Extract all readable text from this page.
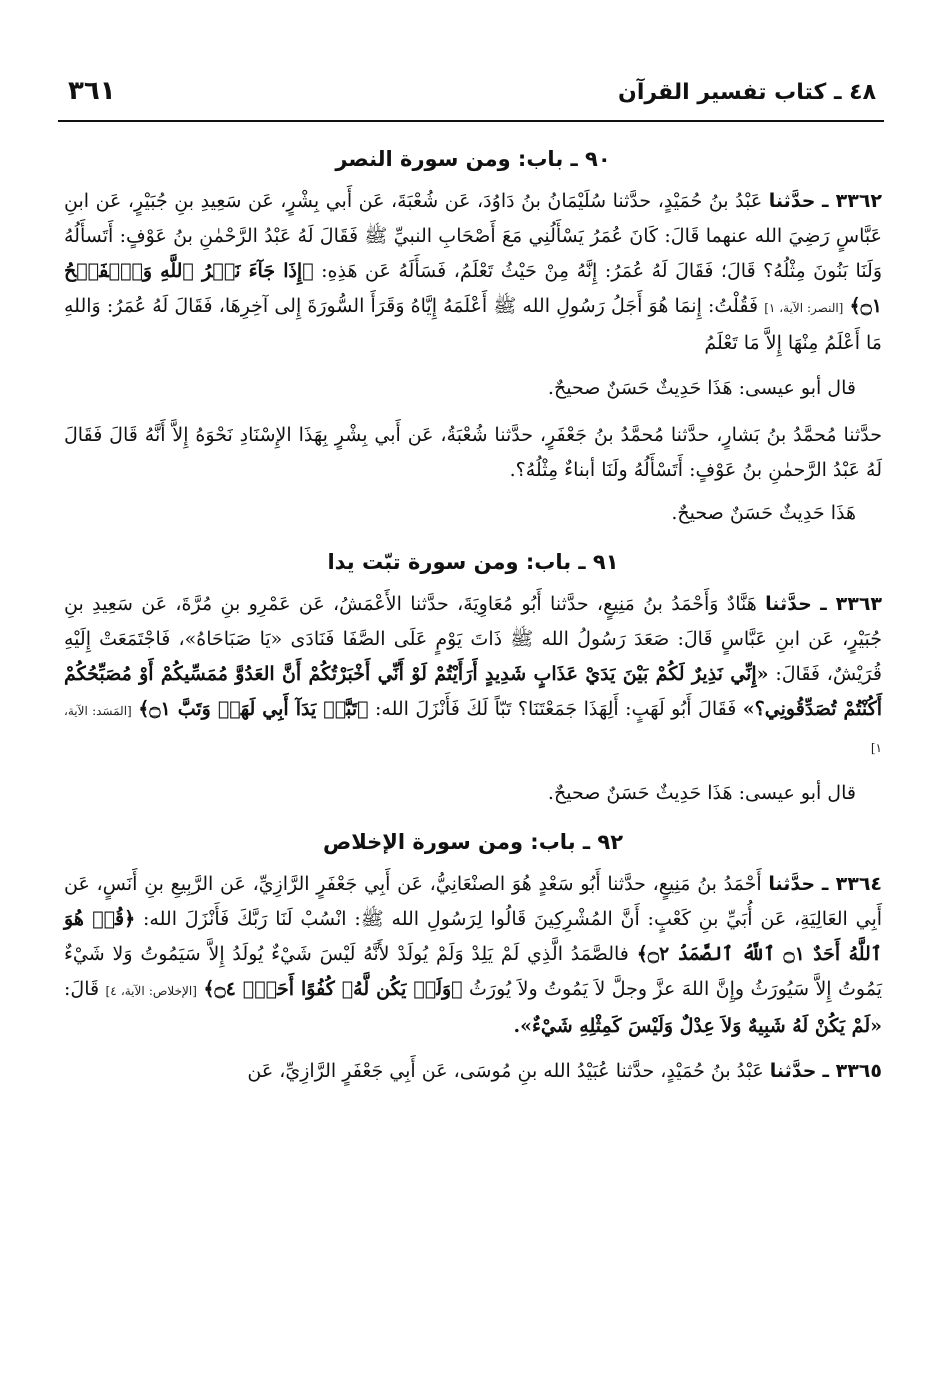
٤٨ ـ كتاب تفسير القرآن
٣٦١
٩٠ ـ باب: ومن سورة النصر

٣٣٦٢ ـ حدَّثنا عَبْدُ بنُ حُمَيْدٍ، حدَّثنا سُلَيْمَانُ بنُ دَاوُدَ، عَن شُعْبَةَ، عَن أَبي بِشْرٍ، عَن سَعِيدِ بنِ جُبَيْرٍ، عَن ابنِ عَبَّاسٍ رَضِيَ الله عنهما قَالَ: كَانَ عُمَرُ يَسْأَلُنِي مَعَ أَصْحَابِ النبيِّ ﷺ فَقَالَ لَهُ عَبْدُ الرَّحْمٰنِ بنُ عَوْفٍ: أَتَسأَلُهُ وَلَنَا بَنُونَ مِثْلُهُ؟ قَالَ؛ فَقَالَ لَهُ عُمَرُ: إِنَّهُ مِنْ حَيْثُ تَعْلَمُ، فَسَأَلَهُ عَن هَذِهِ: ﴿إِذَا جَآءَ نَصۡرُ ٱللَّهِ وَٱلۡفَتۡحُ ۝١﴾ [النصر: الآية، ١] فَقُلْتُ: إِنمَا هُوَ أَجَلُ رَسُولِ الله ﷺ أَعْلَمَهُ إِيَّاهُ وَقَرَأَ السُّورَةَ إِلى آخِرِهَا، فَقَالَ لَهُ عُمَرُ: وَاللهِ مَا أَعْلَمُ مِنْهَا إِلاَّ مَا تَعْلَمُ

قال أبو عيسى: هَذَا حَدِيثٌ حَسَنٌ صحيحٌ.

حدَّثنا مُحمَّدُ بنُ بَشارٍ، حدَّثنا مُحمَّدُ بنُ جَعْفَرٍ، حدَّثنا شُعْبَةُ، عَن أَبي بِشْرٍ بِهَذَا الإِسْنَادِ نَحْوَهُ إِلاَّ أَنَّهُ قَالَ فَقَالَ لَهُ عَبْدُ الرَّحمٰنِ بنُ عَوْفٍ: أَتَسْأَلُهُ ولَنَا أبناءٌ مِثْلُهُ؟.

هَذَا حَدِيثٌ حَسَنٌ صحيحٌ.

٩١ ـ باب: ومن سورة تبّت يدا

٣٣٦٣ ـ حدَّثنا هَنَّادٌ وَأَحْمَدُ بنُ مَنِيعٍ، حدَّثنا أَبُو مُعَاوِيَةَ، حدَّثنا الأَعْمَشُ، عَن عَمْرِو بنِ مُرَّةَ، عَن سَعِيدِ بنِ جُبَيْرٍ، عَن ابنِ عَبَّاسٍ قَالَ: صَعَدَ رَسُولُ الله ﷺ ذَاتَ يَوْمٍ عَلَى الصَّفَا فَنَادَى «يَا صَبَاحَاهُ»، فَاجْتَمَعَتْ إِلَيْهِ قُرَيْشٌ، فَقَالَ: «إِنِّي نَذِيرٌ لَكُمْ بَيْنَ يَدَيْ عَذَابٍ شَدِيدٍ أَرَأَيْتُمْ لَوْ أَنِّي أَخْبَرْتُكُمْ أَنَّ العَدُوَّ مُمَسِّيكُمْ أَوْ مُصَبِّحُكُمْ أَكُنْتُمْ تُصَدِّقُونِي؟» فَقَالَ أَبُو لَهَبٍ: أَلِهَذَا جَمَعْتَنَا؟ تَبّاً لَكَ فَأَنْزَلَ الله: ﴿تَبَّتۡ يَدَآ أَبِي لَهَبٖ وَتَبَّ ۝١﴾ [المَسَد: الآية، ١]

قال أبو عيسى: هَذَا حَدِيثٌ حَسَنٌ صحيحٌ.

٩٢ ـ باب: ومن سورة الإخلاص

٣٣٦٤ ـ حدَّثنا أَحْمَدُ بنُ مَنِيعٍ، حدَّثنا أَبُو سَعْدٍ هُوَ الصنْعَانِيُّ، عَن أَبِي جَعْفَرٍ الرَّازِيِّ، عَن الرَّبِيعِ بنِ أَنَسٍ، عَن أَبِي العَالِيَةِ، عَن أُبَيِّ بنِ كَعْبٍ: أَنَّ المُشْرِكِينَ قَالُوا لِرَسُولِ الله ﷺ: انْسُبْ لَنَا رَبَّكَ فَأَنْزَلَ الله: ﴿قُلۡ هُوَ ٱللَّهُ أَحَدٌ ۝١ ٱللَّهُ ٱلصَّمَدُ ۝٢﴾ فالصَّمَدُ الَّذِي لَمْ يَلِدْ وَلَمْ يُولَدْ لأَنَّهُ لَيْسَ شَيْءٌ يُولَدُ إِلاَّ سَيَمُوتُ وَلا شَيْءٌ يَمُوتُ إِلاَّ سَيُورَثُ وإِنَّ اللهَ عزَّ وجلَّ لاَ يَمُوتُ ولاَ يُورَثُ ﴿وَلَمۡ يَكُن لَّهُۥ كُفُوًا أَحَدُۢ ۝٤﴾ [الإخلاص: الآية، ٤] قَالَ: «لَمْ يَكُنْ لَهُ شَبِيهٌ وَلاَ عِدْلٌ وَلَيْسَ كَمِثْلِهِ شَيْءٌ».

٣٣٦٥ ـ حدَّثنا عَبْدُ بنُ حُمَيْدٍ، حدَّثنا عُبَيْدُ الله بنِ مُوسَى، عَن أَبِي جَعْفَرٍ الرَّازِيِّ، عَن
